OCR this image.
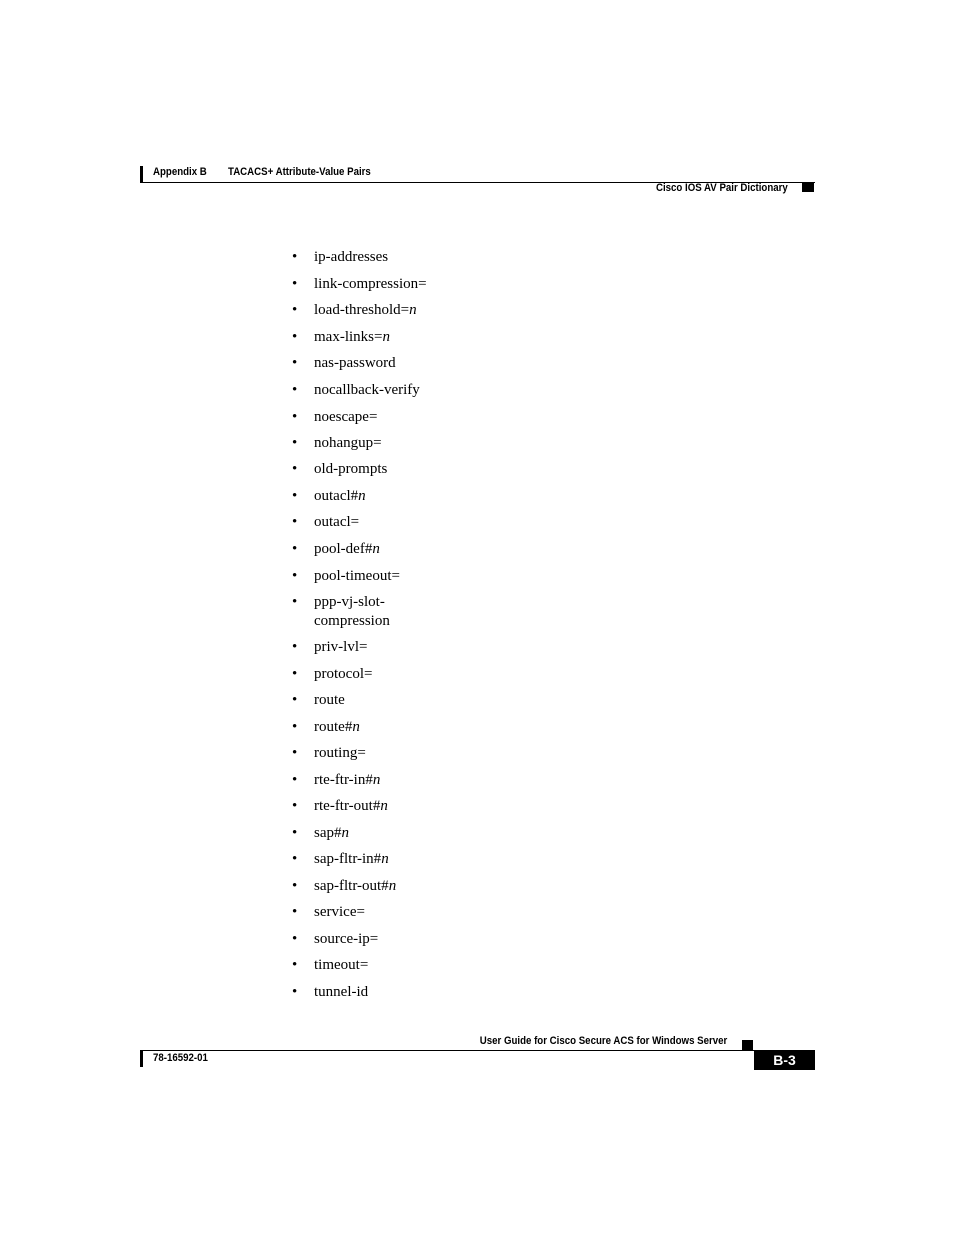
Appendix B TACACS+ Attribute-Value Pairs
Cisco IOS AV Pair Dictionary
• ip-addresses
• link-compression=
• load-threshold=n
• max-links=n
• nas-password
• nocallback-verify
• noescape=
• nohangup=
• old-prompts
• outacl#n
• outacl=
• pool-def#n
• pool-timeout=
• ppp-vj-slot-compression
• priv-lvl=
• protocol=
• route
• route#n
• routing=
• rte-ftr-in#n
• rte-ftr-out#n
• sap#n
• sap-fltr-in#n
• sap-fltr-out#n
• service=
• source-ip=
• timeout=
• tunnel-id
User Guide for Cisco Secure ACS for Windows Server
78-16592-01	B-3
